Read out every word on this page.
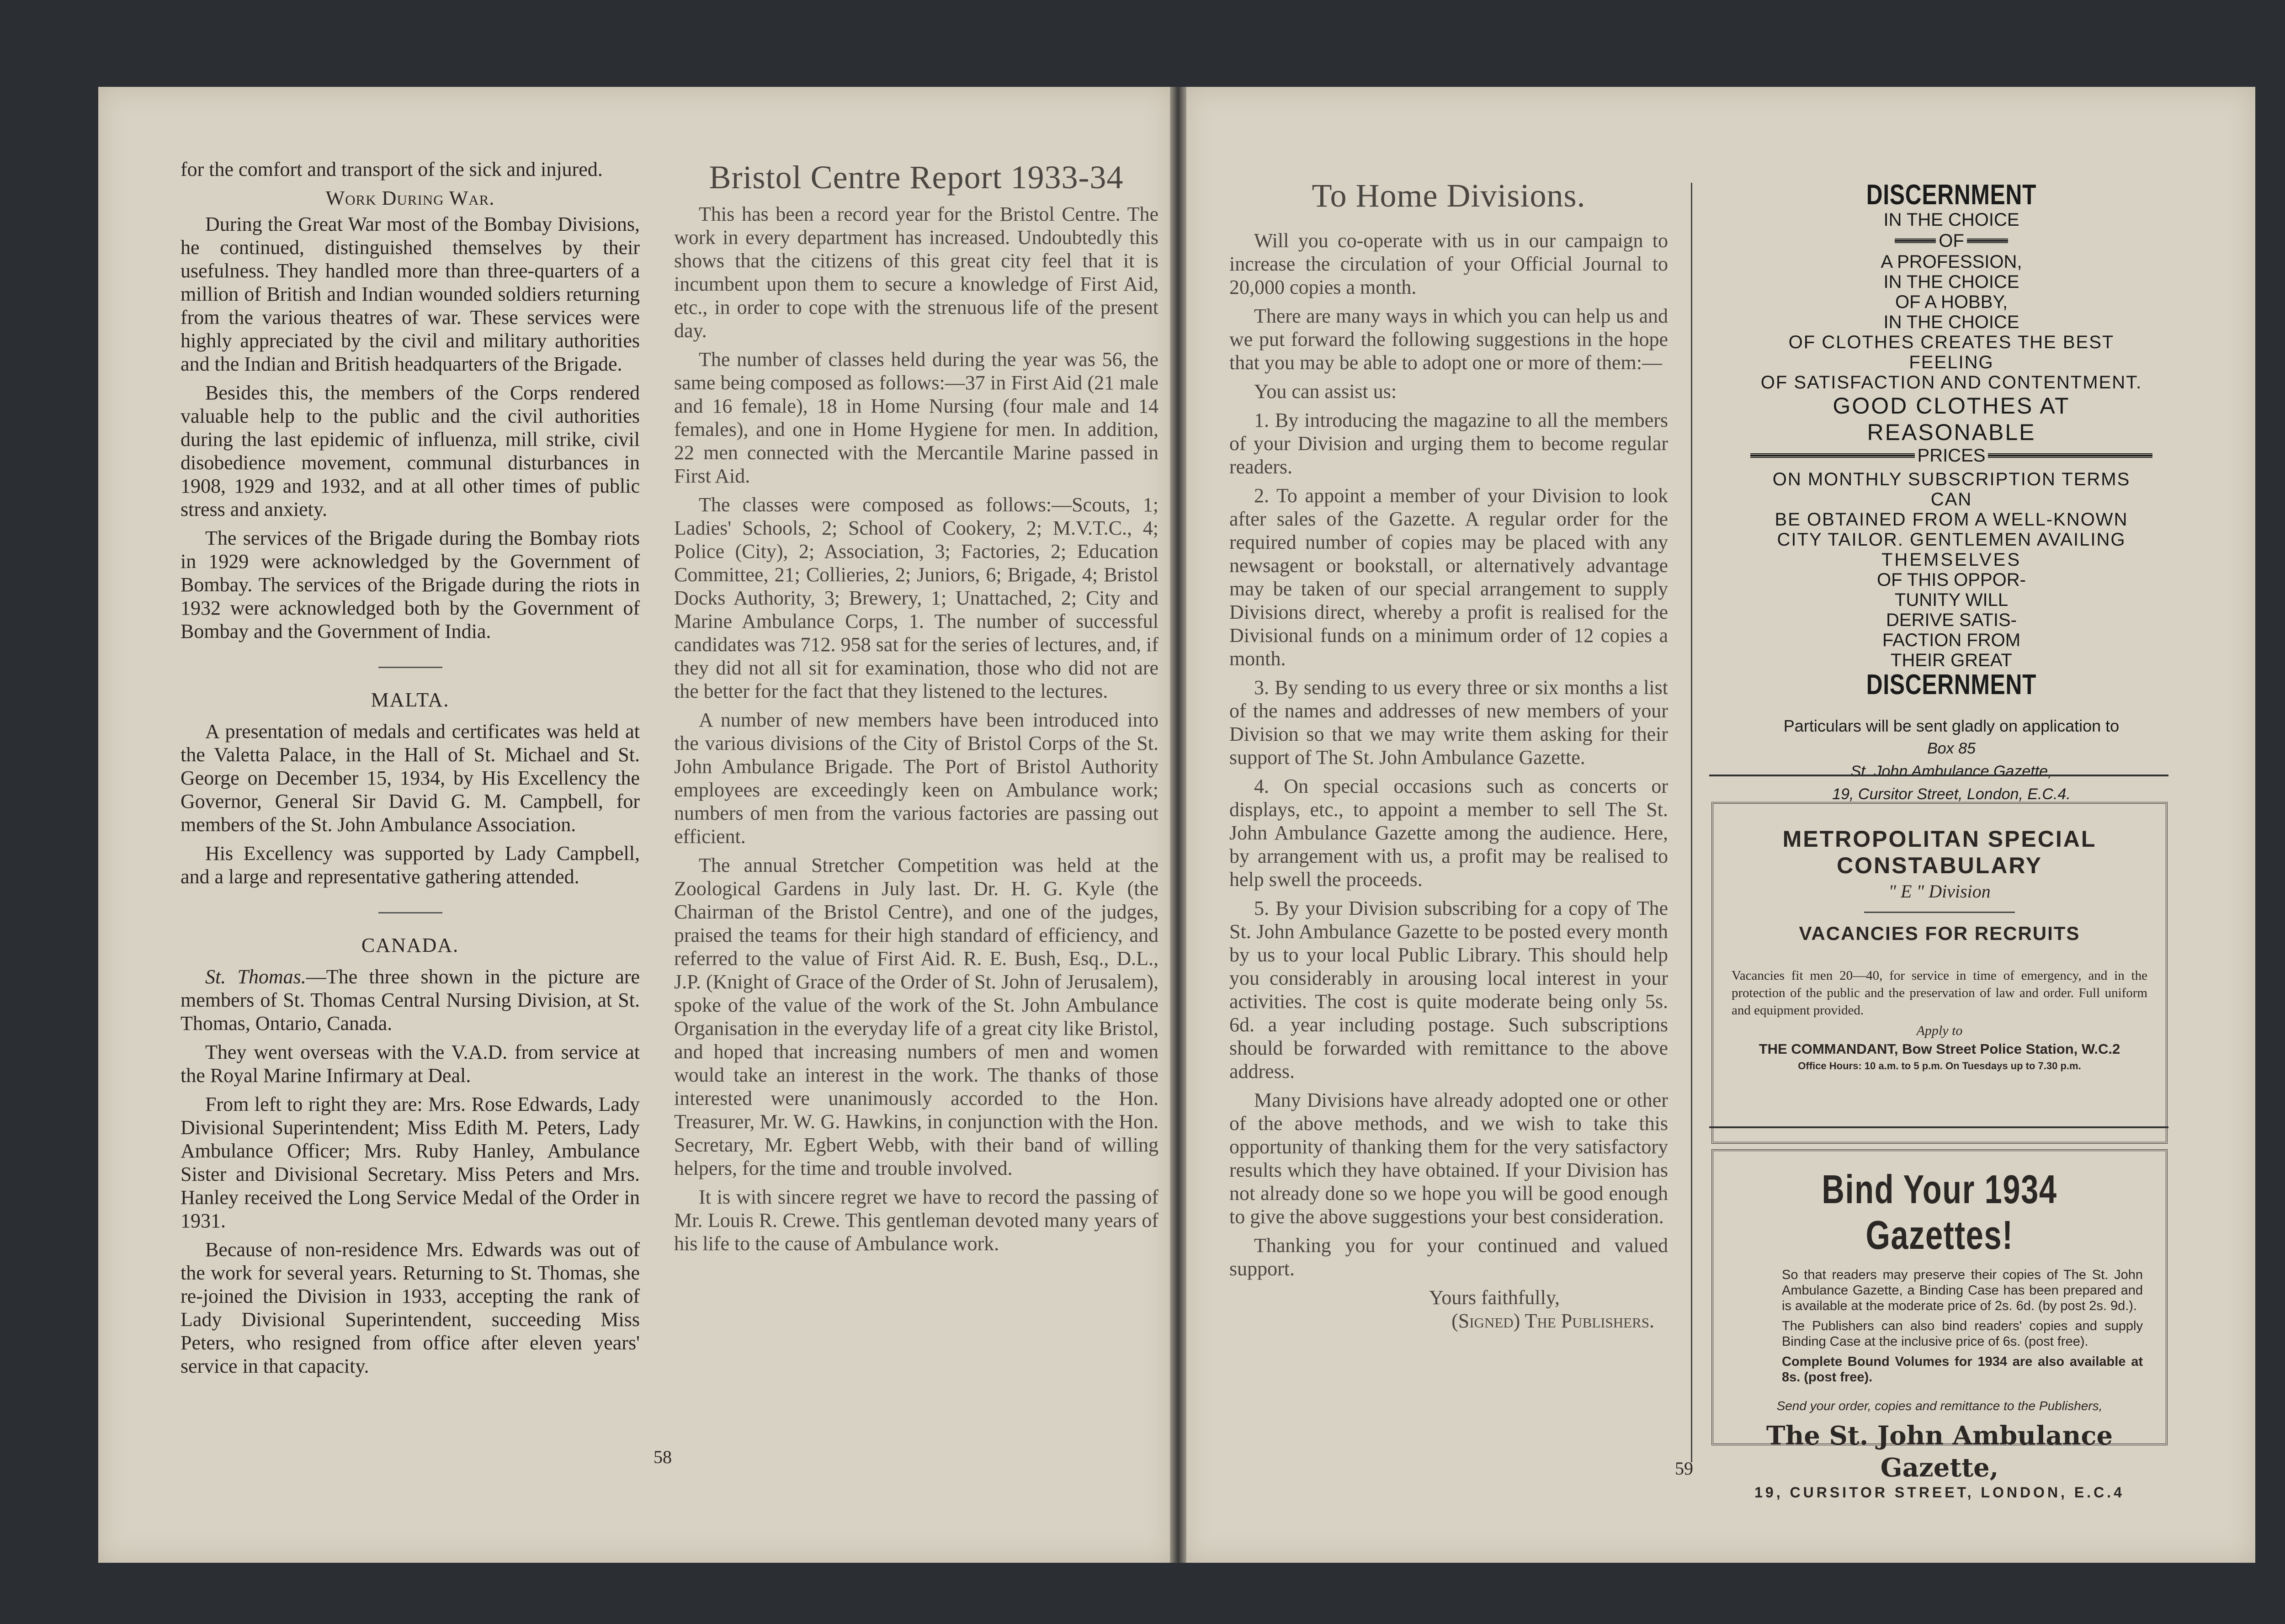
for the comfort and transport of the sick and injured.

Work During War.

During the Great War most of the Bombay Divisions, he continued, distinguished themselves by their usefulness. They handled more than three-quarters of a million of British and Indian wounded soldiers returning from the various theatres of war. These services were highly appreciated by the civil and military authorities and the Indian and British headquarters of the Brigade.

Besides this, the members of the Corps rendered valuable help to the public and the civil authorities during the last epidemic of influenza, mill strike, civil disobedience movement, communal disturbances in 1908, 1929 and 1932, and at all other times of public stress and anxiety.

The services of the Brigade during the Bombay riots in 1929 were acknowledged by the Government of Bombay. The services of the Brigade during the riots in 1932 were acknowledged both by the Government of Bombay and the Government of India.

MALTA.

A presentation of medals and certificates was held at the Valetta Palace, in the Hall of St. Michael and St. George on December 15, 1934, by His Excellency the Governor, General Sir David G. M. Campbell, for members of the St. John Ambulance Association.

His Excellency was supported by Lady Campbell, and a large and representative gathering attended.

CANADA.

St. Thomas.—The three shown in the picture are members of St. Thomas Central Nursing Division, at St. Thomas, Ontario, Canada.

They went overseas with the V.A.D. from service at the Royal Marine Infirmary at Deal.

From left to right they are: Mrs. Rose Edwards, Lady Divisional Superintendent; Miss Edith M. Peters, Lady Ambulance Officer; Mrs. Ruby Hanley, Ambulance Sister and Divisional Secretary. Miss Peters and Mrs. Hanley received the Long Service Medal of the Order in 1931.

Because of non-residence Mrs. Edwards was out of the work for several years. Returning to St. Thomas, she re-joined the Division in 1933, accepting the rank of Lady Divisional Superintendent, succeeding Miss Peters, who resigned from office after eleven years' service in that capacity.

Bristol Centre Report 1933-34

This has been a record year for the Bristol Centre. The work in every department has increased. Undoubtedly this shows that the citizens of this great city feel that it is incumbent upon them to secure a knowledge of First Aid, etc., in order to cope with the strenuous life of the present day.

The number of classes held during the year was 56, the same being composed as follows:—37 in First Aid (21 male and 16 female), 18 in Home Nursing (four male and 14 females), and one in Home Hygiene for men. In addition, 22 men connected with the Mercantile Marine passed in First Aid.

The classes were composed as follows:—Scouts, 1; Ladies' Schools, 2; School of Cookery, 2; M.V.T.C., 4; Police (City), 2; Association, 3; Factories, 2; Education Committee, 21; Collieries, 2; Juniors, 6; Brigade, 4; Bristol Docks Authority, 3; Brewery, 1; Unattached, 2; City and Marine Ambulance Corps, 1. The number of successful candidates was 712. 958 sat for the series of lectures, and, if they did not all sit for examination, those who did not are the better for the fact that they listened to the lectures.

A number of new members have been introduced into the various divisions of the City of Bristol Corps of the St. John Ambulance Brigade. The Port of Bristol Authority employees are exceedingly keen on Ambulance work; numbers of men from the various factories are passing out efficient.

The annual Stretcher Competition was held at the Zoological Gardens in July last. Dr. H. G. Kyle (the Chairman of the Bristol Centre), and one of the judges, praised the teams for their high standard of efficiency, and referred to the value of First Aid. R. E. Bush, Esq., D.L., J.P. (Knight of Grace of the Order of St. John of Jerusalem), spoke of the value of the work of the St. John Ambulance Organisation in the everyday life of a great city like Bristol, and hoped that increasing numbers of men and women would take an interest in the work. The thanks of those interested were unanimously accorded to the Hon. Treasurer, Mr. W. G. Hawkins, in conjunction with the Hon. Secretary, Mr. Egbert Webb, with their band of willing helpers, for the time and trouble involved.

It is with sincere regret we have to record the passing of Mr. Louis R. Crewe. This gentleman devoted many years of his life to the cause of Ambulance work.

58
To Home Divisions.

Will you co-operate with us in our campaign to increase the circulation of your Official Journal to 20,000 copies a month.

There are many ways in which you can help us and we put forward the following suggestions in the hope that you may be able to adopt one or more of them:—

You can assist us:

1. By introducing the magazine to all the members of your Division and urging them to become regular readers.

2. To appoint a member of your Division to look after sales of the Gazette. A regular order for the required number of copies may be placed with any newsagent or bookstall, or alternatively advantage may be taken of our special arrangement to supply Divisions direct, whereby a profit is realised for the Divisional funds on a minimum order of 12 copies a month.

3. By sending to us every three or six months a list of the names and addresses of new members of your Division so that we may write them asking for their support of The St. John Ambulance Gazette.

4. On special occasions such as concerts or displays, etc., to appoint a member to sell The St. John Ambulance Gazette among the audience. Here, by arrangement with us, a profit may be realised to help swell the proceeds.

5. By your Division subscribing for a copy of The St. John Ambulance Gazette to be posted every month by us to your local Public Library. This should help you considerably in arousing local interest in your activities. The cost is quite moderate being only 5s. 6d. a year including postage. Such subscriptions should be forwarded with remittance to the above address.

Many Divisions have already adopted one or other of the above methods, and we wish to take this opportunity of thanking them for the very satisfactory results which they have obtained. If your Division has not already done so we hope you will be good enough to give the above suggestions your best consideration.

Thanking you for your continued and valued support.

Yours faithfully,
(Signed) The Publishers.
59
DISCERNMENT
IN THE CHOICE
OF
A PROFESSION,
IN THE CHOICE
OF A HOBBY,
IN THE CHOICE
OF CLOTHES CREATES THE BEST FEELING
OF SATISFACTION AND CONTENTMENT.
GOOD CLOTHES AT REASONABLE
PRICES
ON MONTHLY SUBSCRIPTION TERMS CAN
BE OBTAINED FROM A WELL-KNOWN
CITY TAILOR. GENTLEMEN AVAILING
THEMSELVES
OF THIS OPPOR-
TUNITY WILL
DERIVE SATIS-
FACTION FROM
THEIR GREAT
DISCERNMENT
Particulars will be sent gladly on application to
Box 85
St. John Ambulance Gazette,
19, Cursitor Street, London, E.C.4.
METROPOLITAN SPECIAL
CONSTABULARY
" E " Division
VACANCIES FOR RECRUITS
Vacancies fit men 20—40, for service in time of emergency, and in the protection of the public and the preservation of law and order. Full uniform and equipment provided.
Apply to
THE COMMANDANT, Bow Street Police Station, W.C.2
Office Hours: 10 a.m. to 5 p.m. On Tuesdays up to 7.30 p.m.
Bind Your 1934 Gazettes!
So that readers may preserve their copies of The St. John Ambulance Gazette, a Binding Case has been prepared and is available at the moderate price of 2s. 6d. (by post 2s. 9d.).
The Publishers can also bind readers' copies and supply Binding Case at the inclusive price of 6s. (post free).
Complete Bound Volumes for 1934 are also available at 8s. (post free).
Send your order, copies and remittance to the Publishers,
The St. John Ambulance Gazette,
19, CURSITOR STREET, LONDON, E.C.4
